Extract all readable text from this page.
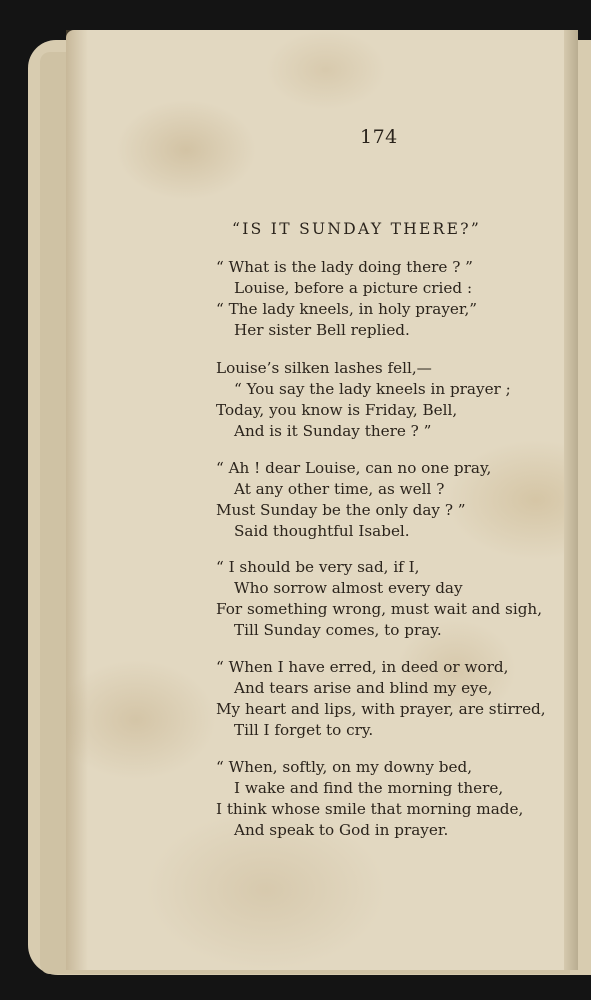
174
“IS IT SUNDAY THERE?”
“ What is the lady doing there ? ”
Louise, before a picture cried :
“ The lady kneels, in holy prayer,”
Her sister Bell replied.
Louise’s silken lashes fell,—
“ You say the lady kneels in prayer ;
Today, you know is Friday, Bell,
And is it Sunday there ? ”
“ Ah ! dear Louise, can no one pray,
At any other time, as well ?
Must Sunday be the only day ? ”
Said thoughtful Isabel.
“ I should be very sad, if I,
Who sorrow almost every day
For something wrong, must wait and sigh,
Till Sunday comes, to pray.
“ When I have erred, in deed or word,
And tears arise and blind my eye,
My heart and lips, with prayer, are stirred,
Till I forget to cry.
“ When, softly, on my downy bed,
I wake and find the morning there,
I think whose smile that morning made,
And speak to God in prayer.
